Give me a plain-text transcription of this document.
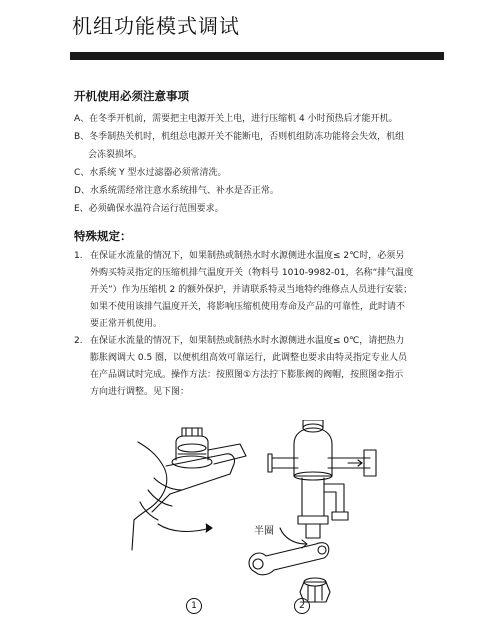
机组功能模式调试
开机使用必须注意事项
A、在冬季开机前，需要把主电源开关上电，进行压缩机 4 小时预热后才能开机。
B、冬季制热关机时，机组总电源开关不能断电，否则机组防冻功能将会失效，机组
会冻裂损坏。
C、水系统 Y 型水过滤器必须常清洗。
D、水系统需经常注意水系统排气、补水是否正常。
E、必须确保水温符合运行范围要求。
特殊规定：
1. 在保证水流量的情况下，如果制热或制热水时水源侧进水温度≤ 2℃时，必须另
外购买特灵指定的压缩机排气温度开关（物料号 1010-9982-01，名称“排气温度
开关”）作为压缩机 2 的额外保护，并请联系特灵当地特约维修点人员进行安装；
如果不使用该排气温度开关，将影响压缩机使用寿命及产品的可靠性，此时请不
要正常开机使用。
2. 在保证水流量的情况下，如果制热或制热水时水源侧进水温度≤ 0℃，请把热力
膨胀阀调大 0.5 圈，以便机组高效可靠运行，此调整也要求由特灵指定专业人员
在产品调试时完成。操作方法：按照图①方法拧下膨胀阀的阀帽，按照图②指示
方向进行调整。见下图：
半圈
1	2
